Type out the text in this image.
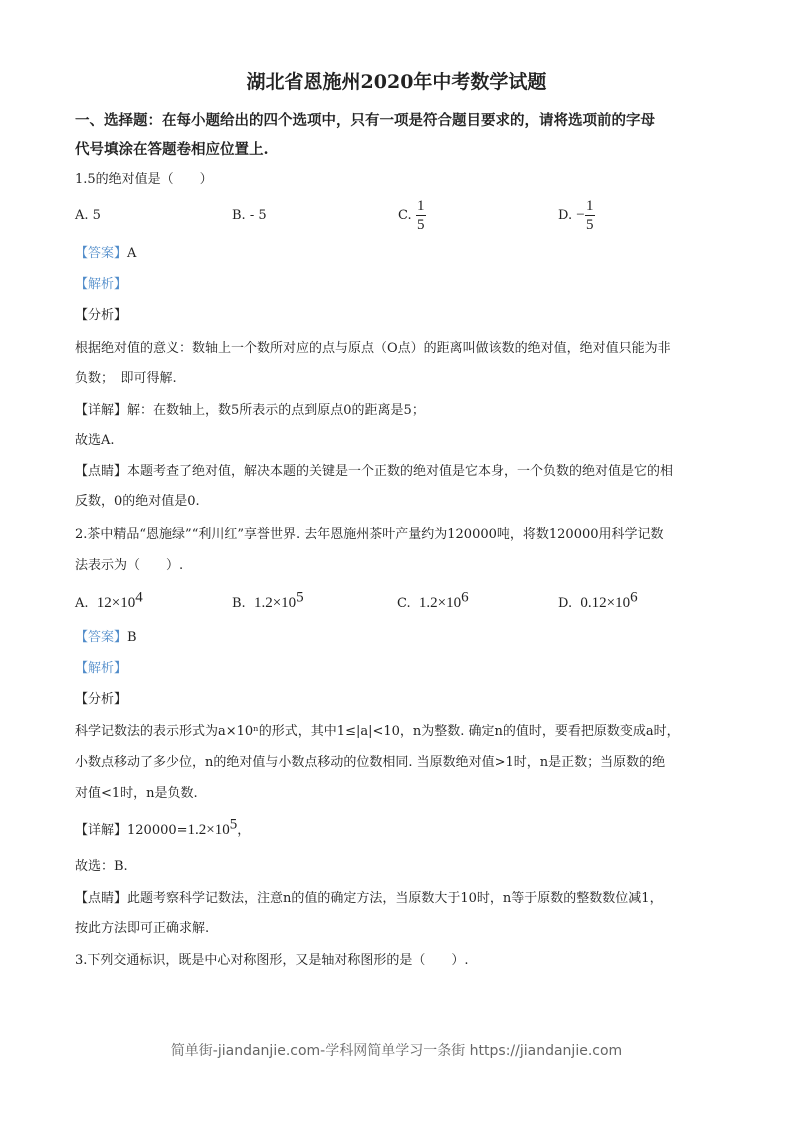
湖北省恩施州2020年中考数学试题
一、选择题：在每小题给出的四个选项中，只有一项是符合题目要求的，请将选项前的字母
代号填涂在答题卷相应位置上.
1.5的绝对值是（　　）
A. 5	B. - 5	C. $\frac{1}{5}$	D. − $\frac{1}{5}$
【答案】A
【解析】
【分析】
根据绝对值的意义：数轴上一个数所对应的点与原点（O点）的距离叫做该数的绝对值，绝对值只能为非
负数；　即可得解.
【详解】解：在数轴上，数5所表示的点到原点0的距离是5；
故选A.
【点睛】本题考查了绝对值，解决本题的关键是一个正数的绝对值是它本身，一个负数的绝对值是它的相
反数，0的绝对值是0.
2.茶中精品“恩施绿”“利川红”享誉世界. 去年恩施州茶叶产量约为120000吨，将数120000用科学记数
法表示为（　　）.
A. $12\times 10^4$	B. $1.2\times 10^5$	C. $1.2\times 10^6$	D. $0.12\times 10^6$
【答案】B
【解析】
【分析】
科学记数法的表示形式为a×10ⁿ的形式，其中1≤|a|<10，n为整数. 确定n的值时，要看把原数变成a时，
小数点移动了多少位，n的绝对值与小数点移动的位数相同. 当原数绝对值>1时，n是正数；当原数的绝
对值<1时，n是负数.
【详解】$120000=1.2\times 10^5$，
故选：B.
【点睛】此题考察科学记数法，注意n的值的确定方法，当原数大于10时，n等于原数的整数数位减1，
按此方法即可正确求解.
3.下列交通标识，既是中心对称图形，又是轴对称图形的是（　　）.
简单街-jiandanjie.com-学科网简单学习一条街 https://jiandanjie.com
